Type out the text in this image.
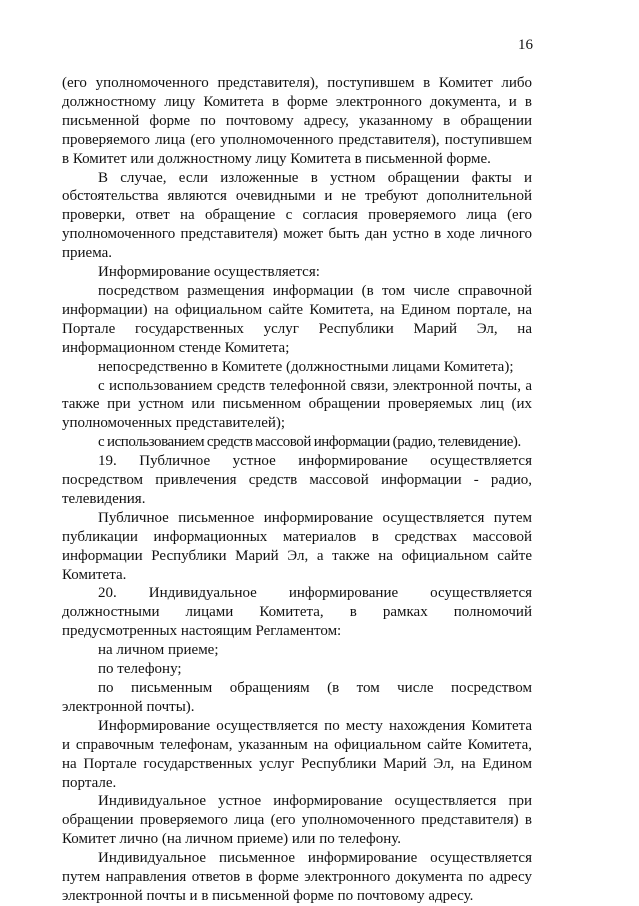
16

(его уполномоченного представителя), поступившем в Комитет либо должностному лицу Комитета в форме электронного документа, и в письменной форме по почтовому адресу, указанному в обращении проверяемого лица (его уполномоченного представителя), поступившем в Комитет или должностному лицу Комитета в письменной форме.

В случае, если изложенные в устном обращении факты и обстоятельства являются очевидными и не требуют дополнительной проверки, ответ на обращение с согласия проверяемого лица (его уполномоченного представителя) может быть дан устно в ходе личного приема.

Информирование осуществляется:

посредством размещения информации (в том числе справочной информации) на официальном сайте Комитета, на Едином портале, на Портале государственных услуг Республики Марий Эл, на информационном стенде Комитета;

непосредственно в Комитете (должностными лицами Комитета);

с использованием средств телефонной связи, электронной почты, а также при устном или письменном обращении проверяемых лиц (их уполномоченных представителей);

с использованием средств массовой информации (радио, телевидение).

19. Публичное устное информирование осуществляется посредством привлечения средств массовой информации - радио, телевидения.

Публичное письменное информирование осуществляется путем публикации информационных материалов в средствах массовой информации Республики Марий Эл, а также на официальном сайте Комитета.

20. Индивидуальное информирование осуществляется должностными лицами Комитета, в рамках полномочий предусмотренных настоящим Регламентом:

на личном приеме;

по телефону;

по письменным обращениям (в том числе посредством электронной почты).

Информирование осуществляется по месту нахождения Комитета и справочным телефонам, указанным на официальном сайте Комитета, на Портале государственных услуг Республики Марий Эл, на Едином портале.

Индивидуальное устное информирование осуществляется при обращении проверяемого лица (его уполномоченного представителя) в Комитет лично (на личном приеме) или по телефону.

Индивидуальное письменное информирование осуществляется путем направления ответов в форме электронного документа по адресу электронной почты и в письменной форме по почтовому адресу.
